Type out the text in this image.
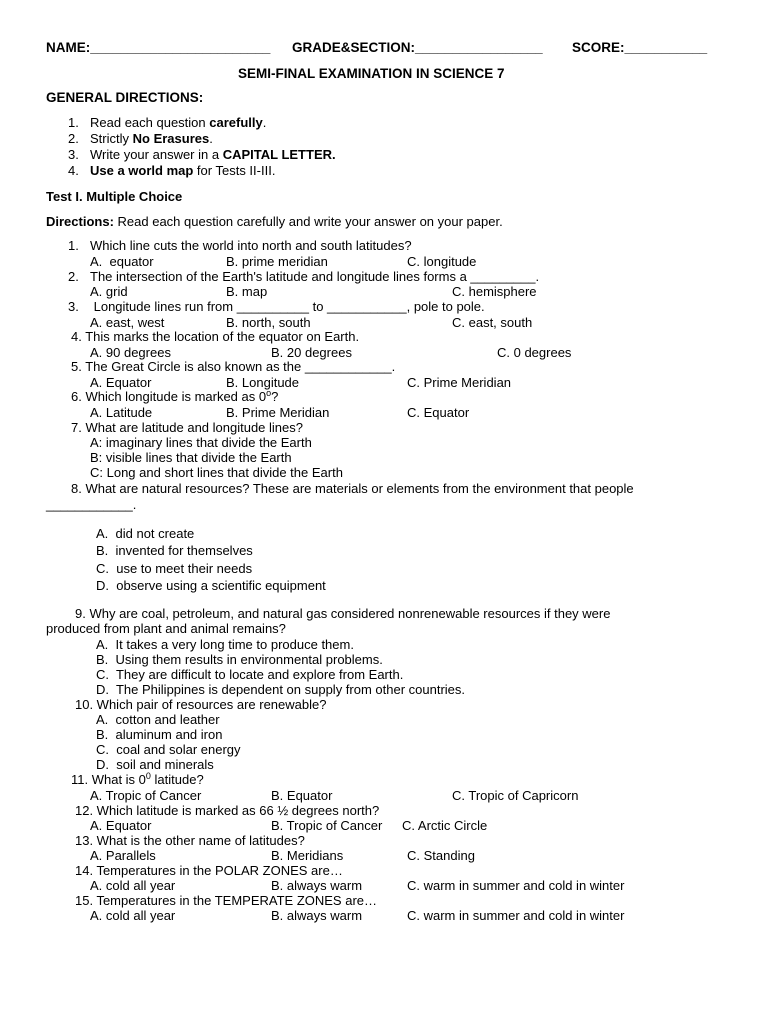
NAME:________________________ GRADE&SECTION:_________________ SCORE:___________
SEMI-FINAL EXAMINATION IN SCIENCE 7
GENERAL DIRECTIONS:
1. Read each question carefully.
2. Strictly No Erasures.
3. Write your answer in a CAPITAL LETTER.
4. Use a world map for Tests II-III.
Test I. Multiple Choice
Directions: Read each question carefully and write your answer on your paper.
1. Which line cuts the world into north and south latitudes?
A.  equator	B. prime meridian	C. longitude
2. The intersection of the Earth's latitude and longitude lines forms a _________.
A. grid	B. map	C. hemisphere
3. Longitude lines run from __________ to ___________, pole to pole.
A. east, west	B. north, south	C. east, south
4. This marks the location of the equator on Earth.
A. 90 degrees	B. 20 degrees	C. 0 degrees
5. The Great Circle is also known as the ____________.
A. Equator	B. Longitude	C. Prime Meridian
6. Which longitude is marked as 0$^o$?
A. Latitude	B. Prime Meridian	C. Equator
7. What are latitude and longitude lines?
A: imaginary lines that divide the Earth
B: visible lines that divide the Earth
C: Long and short lines that divide the Earth
8. What are natural resources? These are materials or elements from the environment that people
____________.
A.  did not create
B.  invented for themselves
C.  use to meet their needs
D.  observe using a scientific equipment
9. Why are coal, petroleum, and natural gas considered nonrenewable resources if they were
produced from plant and animal remains?
A.  It takes a very long time to produce them.
B.  Using them results in environmental problems.
C.  They are difficult to locate and explore from Earth.
D.  The Philippines is dependent on supply from other countries.
10. Which pair of resources are renewable?
A.  cotton and leather
B.  aluminum and iron
C.  coal and solar energy
D.  soil and minerals
11. What is $0^0$ latitude?
A. Tropic of Cancer	B. Equator	C. Tropic of Capricorn
12. Which latitude is marked as 66 ½ degrees north?
A. Equator	B. Tropic of Cancer C. Arctic Circle
13. What is the other name of latitudes?
A. Parallels	B. Meridians	C. Standing
14. Temperatures in the POLAR ZONES are…
A. cold all year	B. always warm	C. warm in summer and cold in winter
15. Temperatures in the TEMPERATE ZONES are…
A. cold all year	B. always warm	C. warm in summer and cold in winter
